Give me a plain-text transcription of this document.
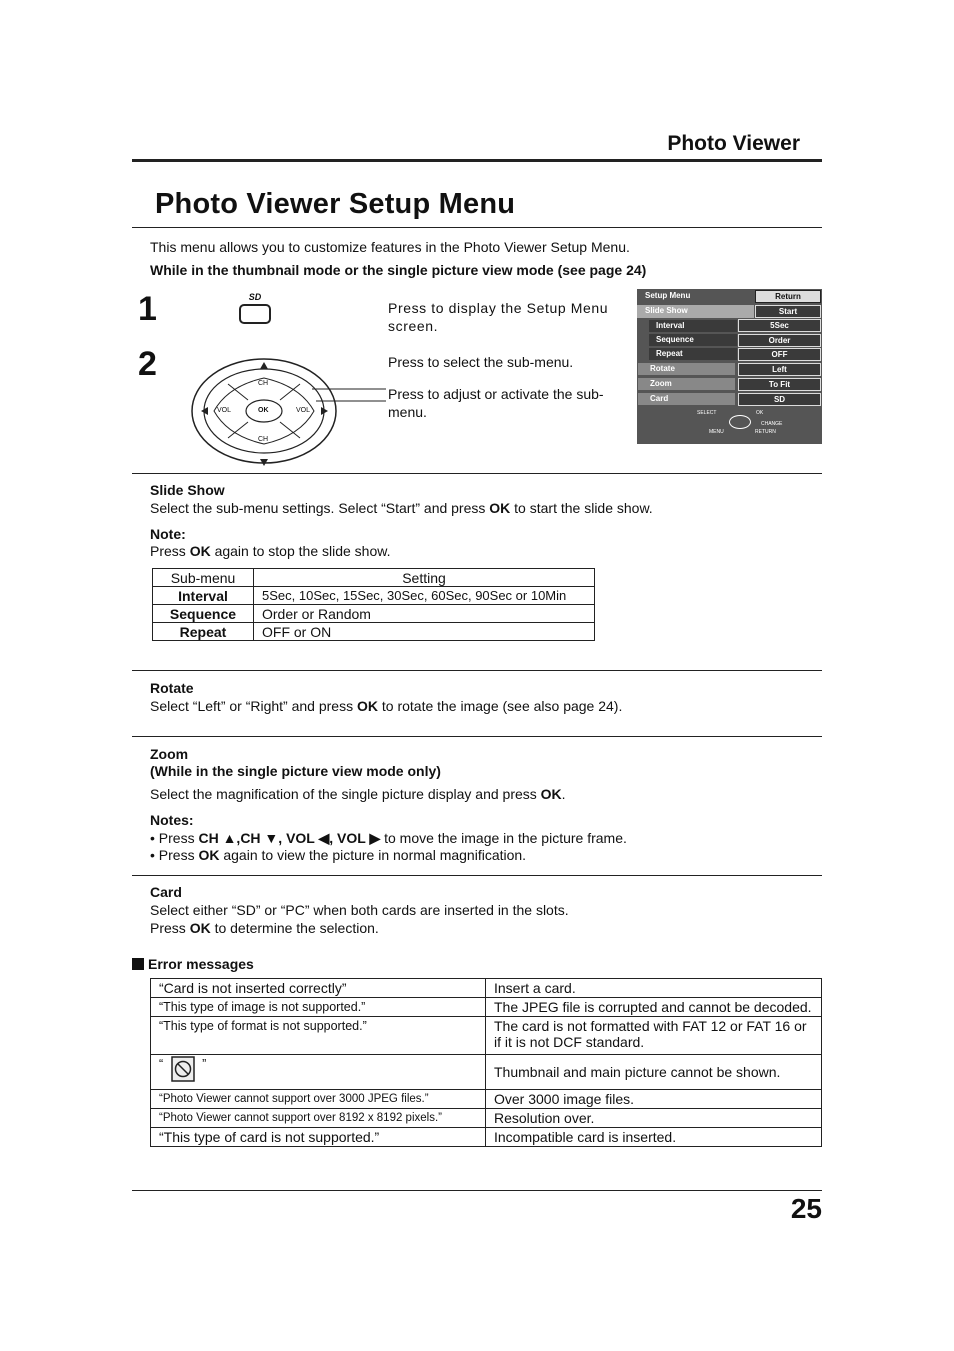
Photo Viewer
Photo Viewer Setup Menu
This menu allows you to customize features in the Photo Viewer Setup Menu.
While in the thumbnail mode or the single picture view mode (see page 24)
1
2
SD
CH
CH
VOL	VOL
OK
Press to display the Setup Menu screen.
Press to select the sub-menu.
Press to adjust or activate the sub-menu.
Setup Menu	Return
Slide Show	Start
Interval	5Sec
Sequence	Order
Repeat	OFF
Rotate	Left
Zoom	To Fit
Card	SD
SELECT	OK
CHANGE
MENU	RETURN
Slide Show
Select the sub-menu settings. Select “Start” and press OK to start the slide show.
Note:
Press OK again to stop the slide show.
Sub-menu	Setting
Interval	5Sec, 10Sec, 15Sec, 30Sec, 60Sec, 90Sec or 10Min
Sequence	Order or Random
Repeat	OFF or ON
Rotate
Select “Left” or “Right” and press OK to rotate the image (see also page 24).
Zoom
(While in the single picture view mode only)
Select the magnification of the single picture display and press OK.
Notes:
• Press CH ▲,CH ▼, VOL ◀, VOL ▶ to move the image in the picture frame.
• Press OK again to view the picture in normal magnification.
Card
Select either “SD” or “PC” when both cards are inserted in the slots.
Press OK to determine the selection.
Error messages
“Card is not inserted correctly”	Insert a card.
“This type of image is not supported.”	The JPEG file is corrupted and cannot be decoded.
“This type of format is not supported.”	The card is not formatted with FAT 12 or FAT 16 or if it is not DCF standard.
“ ”	Thumbnail and main picture cannot be shown.
“Photo Viewer cannot support over 3000 JPEG files.”	Over 3000 image files.
“Photo Viewer cannot support over 8192 x 8192 pixels.”	Resolution over.
“This type of card is not supported.”	Incompatible card is inserted.
25
